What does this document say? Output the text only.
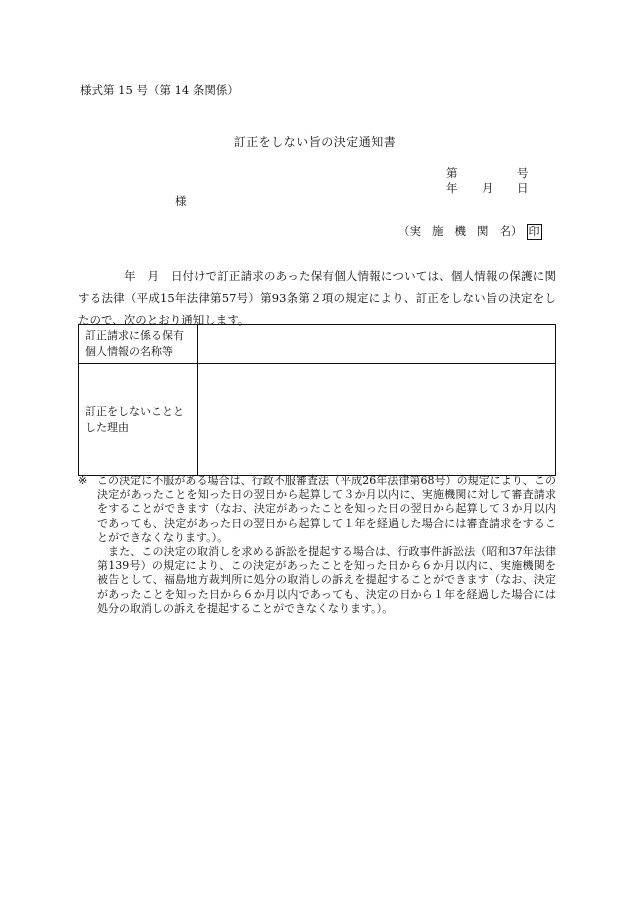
様式第 15 号（第 14 条関係）
訂正をしない旨の決定通知書
第	号
年 月 日
様
（実 施 機 関 名） 印
年 月 日付けで訂正請求のあった保有個人情報については、個人情報の保護に関する法律（平成15年法律第57号）第93条第２項の規定により、訂正をしない旨の決定をしたので、次のとおり通知します。
訂正請求に係る保有個人情報の名称等	
訂正をしないこととした理由	
※ この決定に不服がある場合は、行政不服審査法（平成26年法律第68号）の規定により、この決定があったことを知った日の翌日から起算して３か月以内に、実施機関に対して審査請求をすることができます（なお、決定があったことを知った日の翌日から起算して３か月以内であっても、決定があった日の翌日から起算して１年を経過した場合には審査請求をすることができなくなります。）。
また、この決定の取消しを求める訴訟を提起する場合は、行政事件訴訟法（昭和37年法律第139号）の規定により、この決定があったことを知った日から６か月以内に、実施機関を被告として、福島地方裁判所に処分の取消しの訴えを提起することができます（なお、決定があったことを知った日から６か月以内であっても、決定の日から１年を経過した場合には処分の取消しの訴えを提起することができなくなります。）。
